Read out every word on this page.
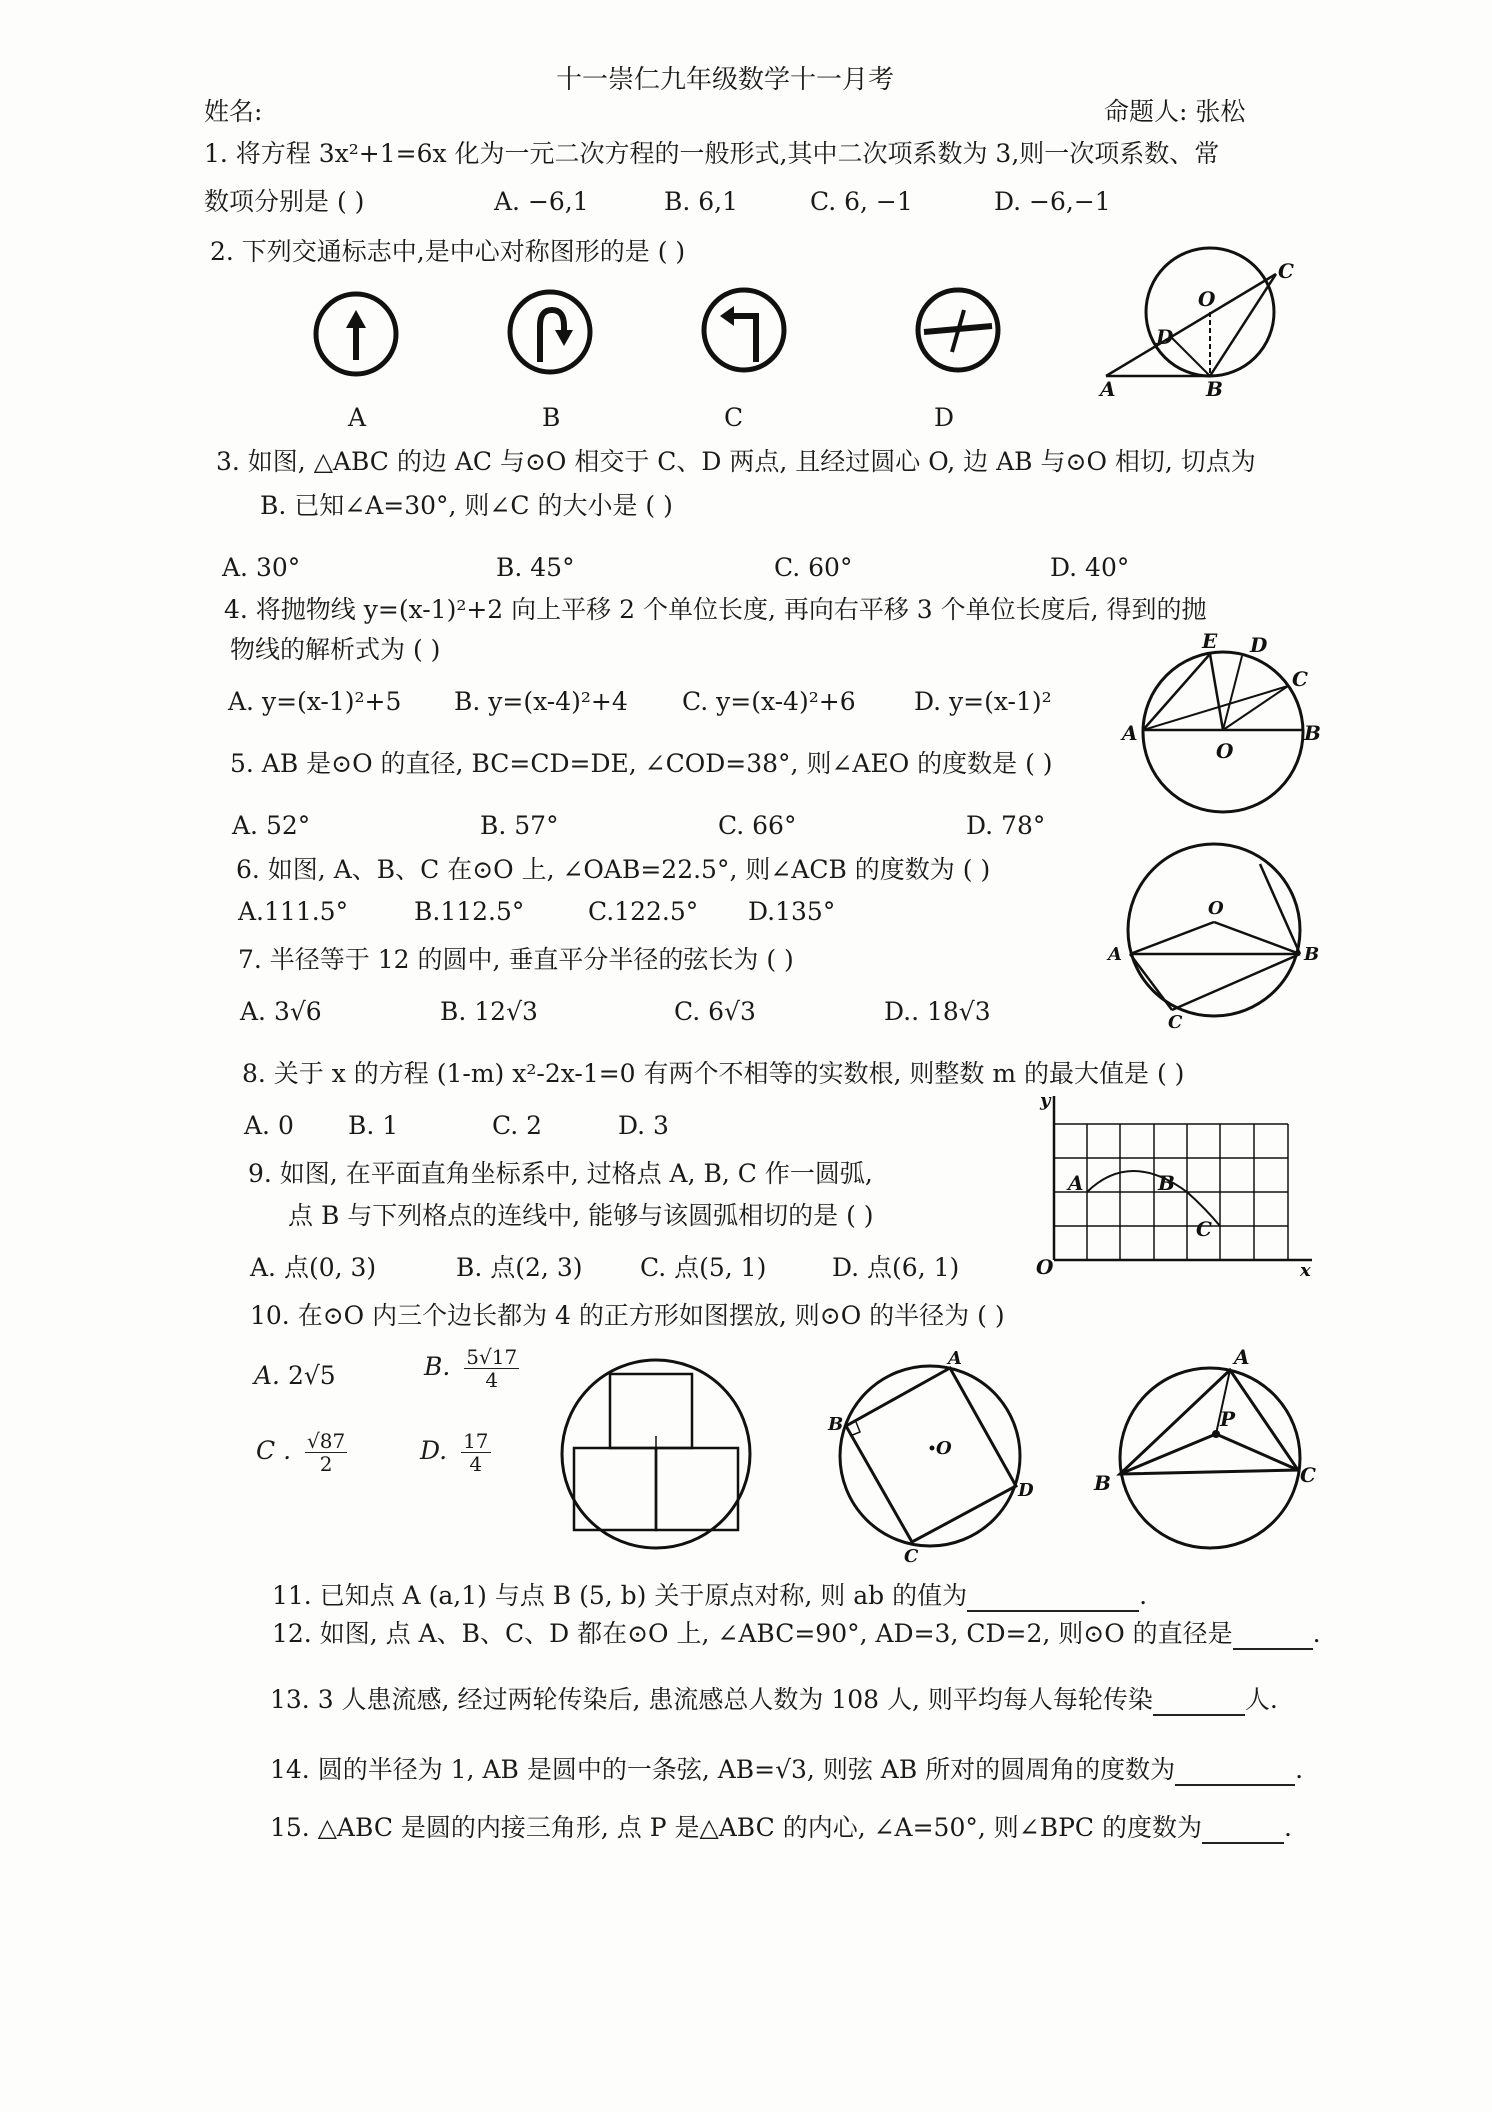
十一崇仁九年级数学十一月考
姓名:	命题人: 张松
1. 将方程 3x²+1=6x 化为一元二次方程的一般形式,其中二次项系数为 3,则一次项系数、常
数项分别是 ( )	A. −6,1	B. 6,1	C. 6, −1	D. −6,−1
2. 下列交通标志中,是中心对称图形的是 ( )
A	B	C	D
O
C
D
A	B
3. 如图, △ABC 的边 AC 与⊙O 相交于 C、D 两点, 且经过圆心 O, 边 AB 与⊙O 相切, 切点为
B. 已知∠A=30°, 则∠C 的大小是 ( )
A. 30°	B. 45°	C. 60°	D. 40°
4. 将抛物线 y=(x-1)²+2 向上平移 2 个单位长度, 再向右平移 3 个单位长度后, 得到的抛
物线的解析式为 ( )
A. y=(x-1)²+5 B. y=(x-4)²+4 C. y=(x-4)²+6 D. y=(x-1)²
E D
C
A	B
O
5. AB 是⊙O 的直径, BC=CD=DE, ∠COD=38°, 则∠AEO 的度数是 ( )
A. 52°	B. 57°	C. 66°	D. 78°
6. 如图, A、B、C 在⊙O 上, ∠OAB=22.5°, 则∠ACB 的度数为 ( )
A.111.5°	B.112.5°	C.122.5° D.135°	O
A	B
C
7. 半径等于 12 的圆中, 垂直平分半径的弦长为 ( )
A. 3√6	B. 12√3	C. 6√3	D.. 18√3
8. 关于 x 的方程 (1-m) x²-2x-1=0 有两个不相等的实数根, 则整数 m 的最大值是 ( )
A. 0 B. 1	C. 2	D. 3
y
A	B
C
O	x
9. 如图, 在平面直角坐标系中, 过格点 A, B, C 作一圆弧,
点 B 与下列格点的连线中, 能够与该圆弧相切的是 ( )
A. 点(0, 3)	B. 点(2, 3) C. 点(5, 1)	D. 点(6, 1)
10. 在⊙O 内三个边长都为 4 的正方形如图摆放, 则⊙O 的半径为 ( )
A. 2√5	B. $\frac{5√17}{4}$
C . $\frac{√87}{2}$	D. $\frac{17}{4}$
A
B
O
D
C
A
P
B	C
11. 已知点 A (a,1) 与点 B (5, b) 关于原点对称, 则 ab 的值为	.
12. 如图, 点 A、B、C、D 都在⊙O 上, ∠ABC=90°, AD=3, CD=2, 则⊙O 的直径是	.
13. 3 人患流感, 经过两轮传染后, 患流感总人数为 108 人, 则平均每人每轮传染	人.
14. 圆的半径为 1, AB 是圆中的一条弦, AB=√3, 则弦 AB 所对的圆周角的度数为	.
15. △ABC 是圆的内接三角形, 点 P 是△ABC 的内心, ∠A=50°, 则∠BPC 的度数为	.
